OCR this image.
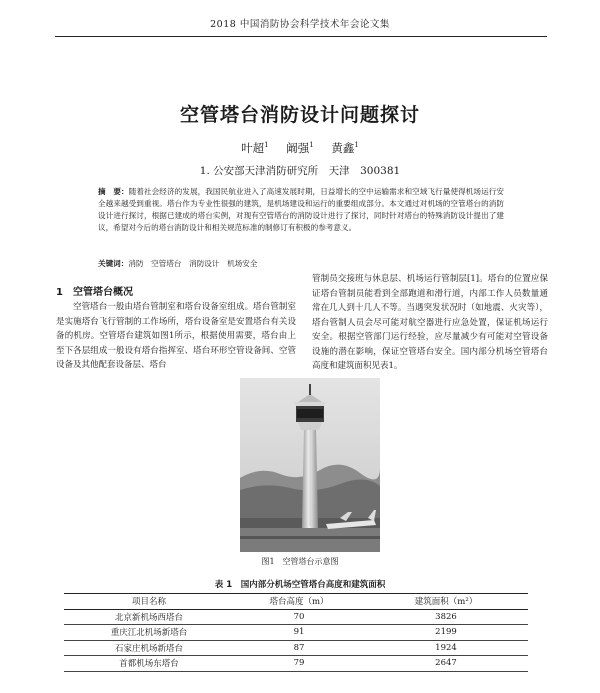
2018 中国消防协会科学技术年会论文集
空管塔台消防设计问题探讨
叶超$^1$ 阚强$^1$ 黄鑫$^1$
1. 公安部天津消防研究所　天津　300381
摘　要：随着社会经济的发展，我国民航业进入了高速发展时期，日益增长的空中运输需求和空域飞行量使得机场运行安全越来越受到重视。塔台作为专业性很强的建筑，是机场建设和运行的重要组成部分。本文通过对机场的空管塔台的消防设计进行探讨，根据已建成的塔台实例，对现有空管塔台的消防设计进行了探讨，同时针对塔台的特殊消防设计提出了建议，希望对今后的塔台消防设计和相关规范标准的制修订有积极的参考意义。
关键词：消防　空管塔台　消防设计　机场安全
1　空管塔台概况
空管塔台一般由塔台管制室和塔台设备室组成。塔台管制室是实施塔台飞行管制的工作场所，塔台设备室是安置塔台有关设备的机房。空管塔台建筑如图1所示，根据使用需要，塔台由上至下各层组成一般设有塔台指挥室、塔台环形空管设备间、空管设备及其他配套设备层、塔台
管制员交接班与休息层、机场运行管制层[1]。塔台的位置应保证塔台管制员能看到全部跑道和滑行道，内部工作人员数量通常在几人到十几人不等。当遇突发状况时（如地震、火灾等），塔台管制人员会尽可能对航空器进行应急处置，保证机场运行安全。根据空管部门运行经验，应尽量减少有可能对空管设备设施的潜在影响，保证空管塔台安全。国内部分机场空管塔台高度和建筑面积见表1。
图1　空管塔台示意图
表 1　 国内部分机场空管塔台高度和建筑面积
项目名称	塔台高度（m）	建筑面积（m²）
北京新机场西塔台	70	3826
重庆江北机场新塔台	91	2199
石家庄机场新塔台	87	1924
首都机场东塔台	79	2647
